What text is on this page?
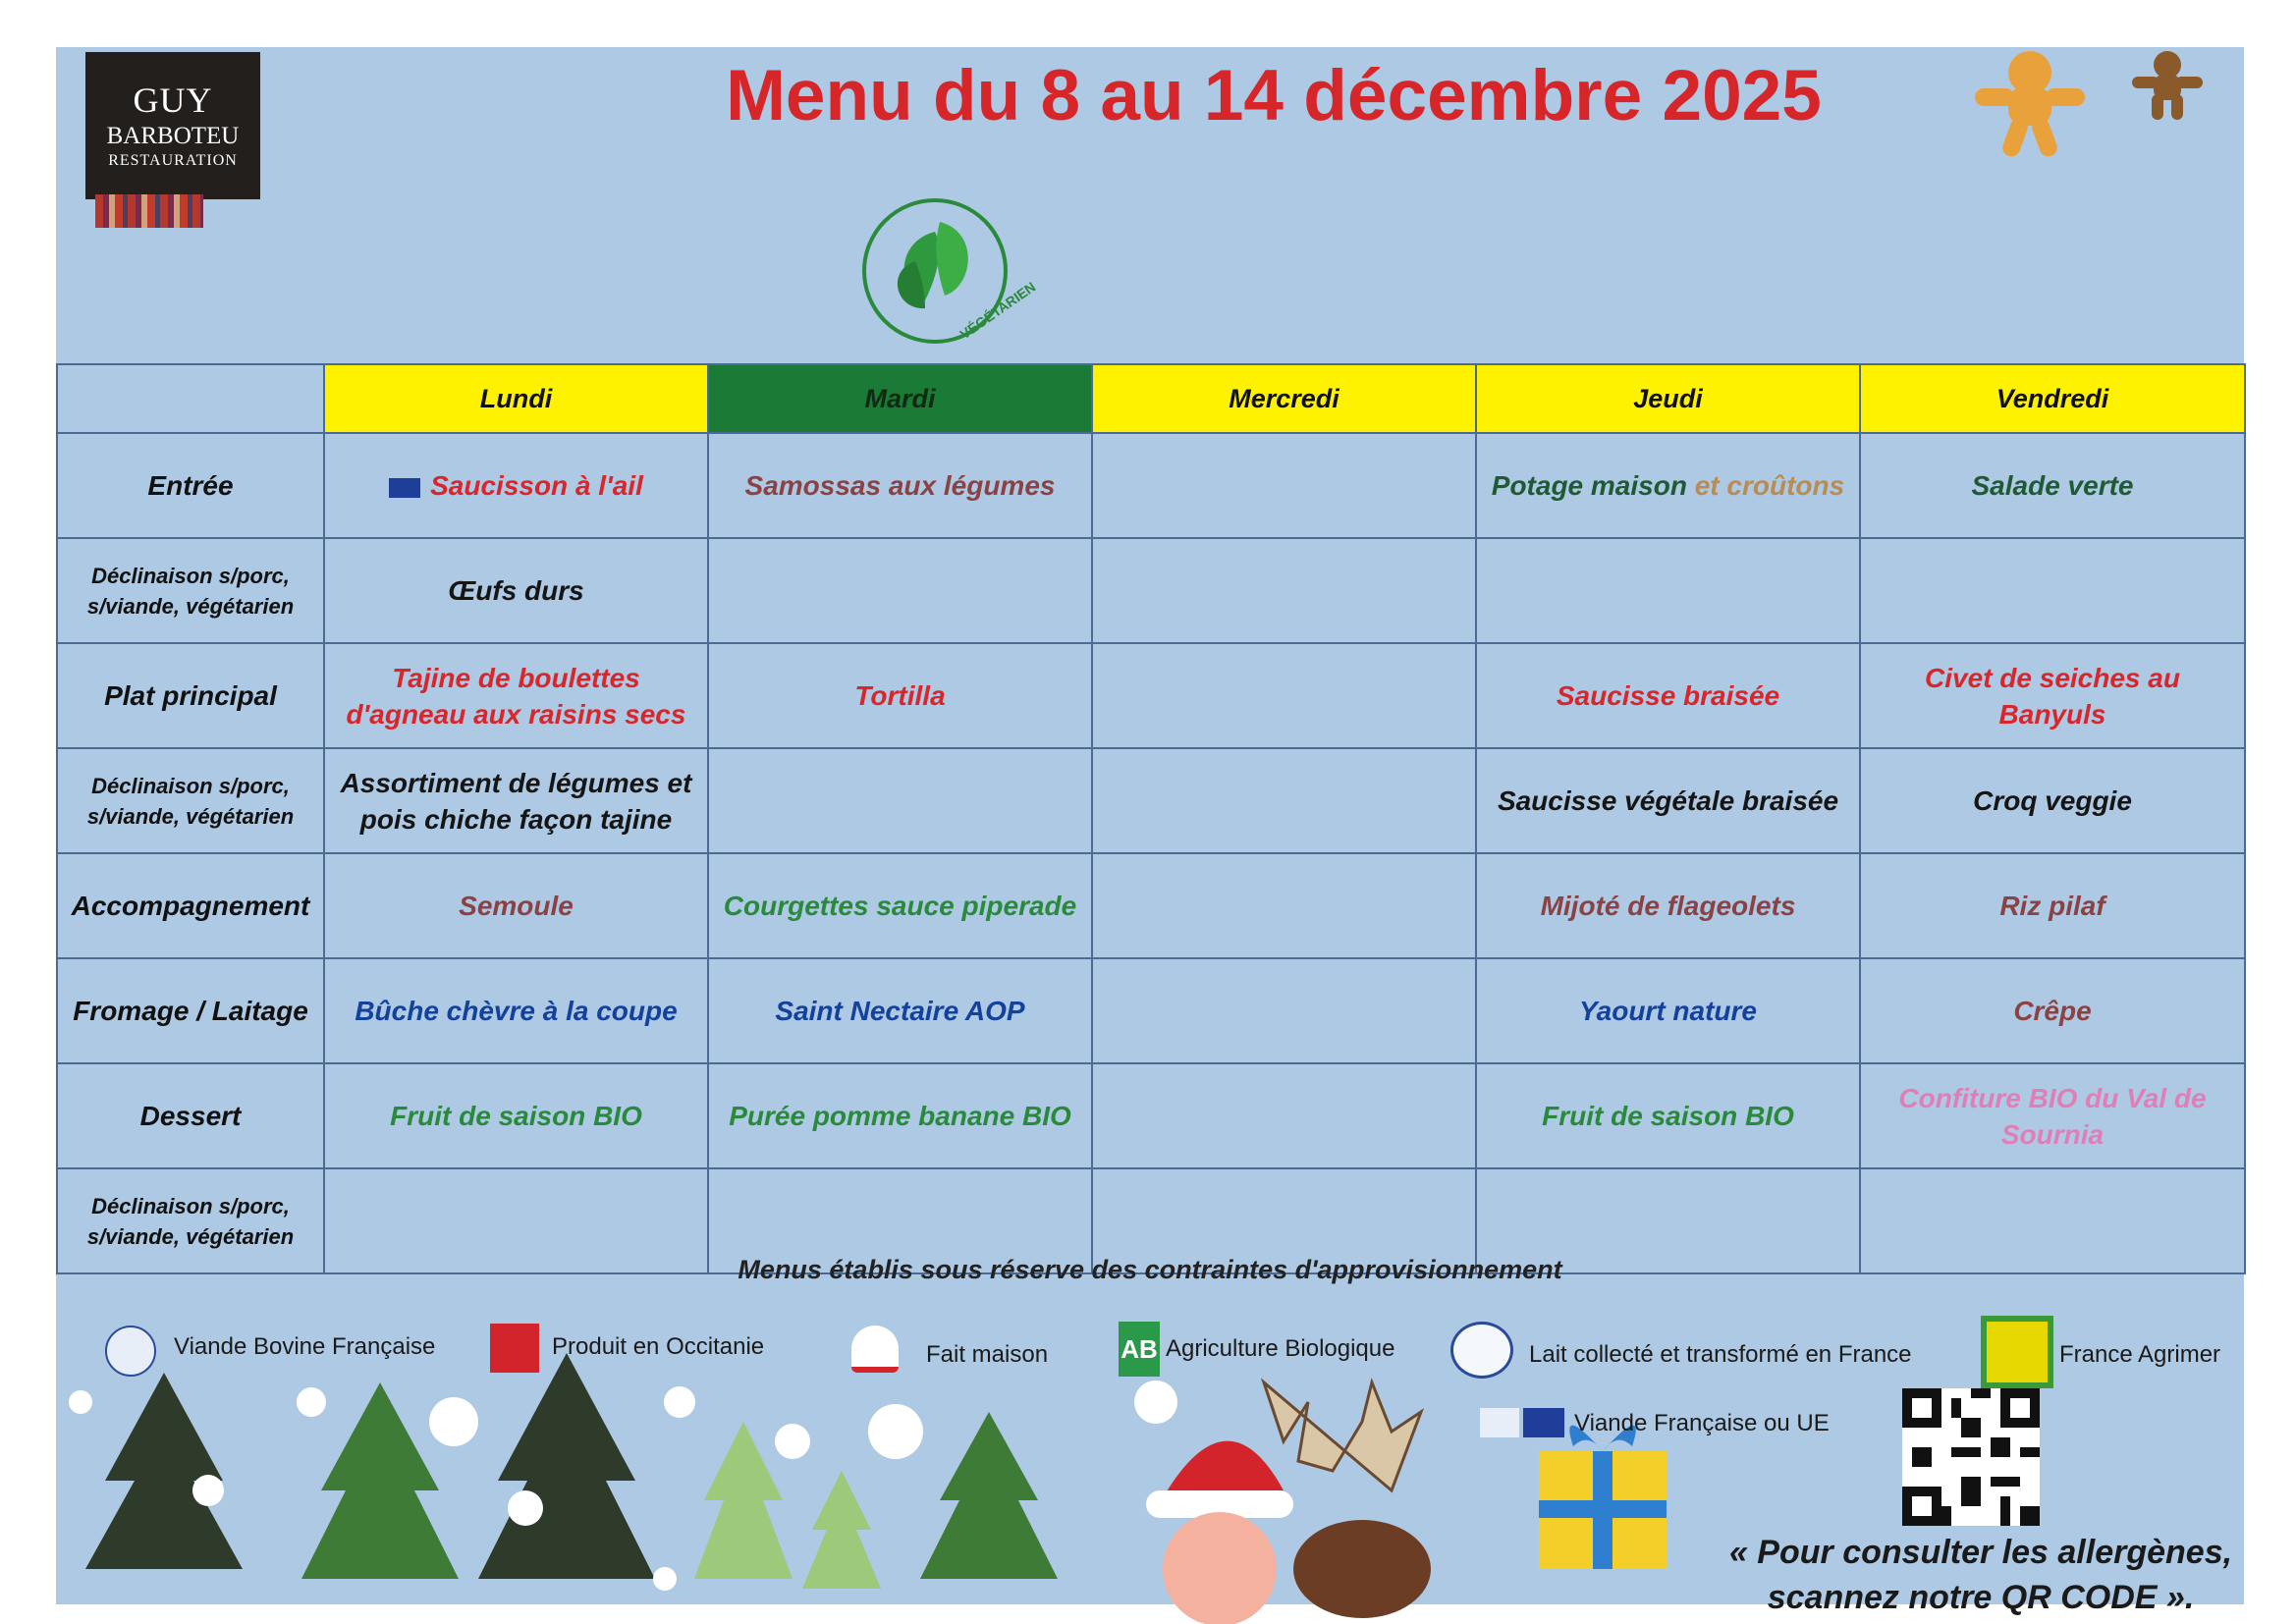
GUY
BARBOTEU
RESTAURATION
Menu du 8 au 14 décembre 2025
VÉGÉTARIEN
	Lundi	Mardi	Mercredi	Jeudi	Vendredi
Entrée	Saucisson à l'ail	Samossas aux légumes		Potage maison et croûtons	Salade verte
Déclinaison s/porc, s/viande, végétarien	Œufs durs				
Plat principal	Tajine de boulettes d'agneau aux raisins secs	Tortilla		Saucisse braisée	Civet de seiches au Banyuls
Déclinaison s/porc, s/viande, végétarien	Assortiment de légumes et pois chiche façon tajine			Saucisse végétale braisée	Croq veggie
Accompagnement	Semoule	Courgettes sauce piperade		Mijoté de flageolets	Riz pilaf
Fromage / Laitage	Bûche chèvre à la coupe	Saint Nectaire AOP		Yaourt nature	Crêpe
Dessert	Fruit de saison BIO	Purée pomme banane BIO		Fruit de saison BIO	Confiture BIO du Val de Sournia
Déclinaison s/porc, s/viande, végétarien					
Menus établis sous réserve des contraintes d'approvisionnement
Viande Bovine Française	Produit en Occitanie	Fait maison	AB Agriculture Biologique	Lait collecté et transformé en France	France Agrimer
Viande Française ou UE
« Pour consulter les allergènes,
scannez notre QR CODE ».
